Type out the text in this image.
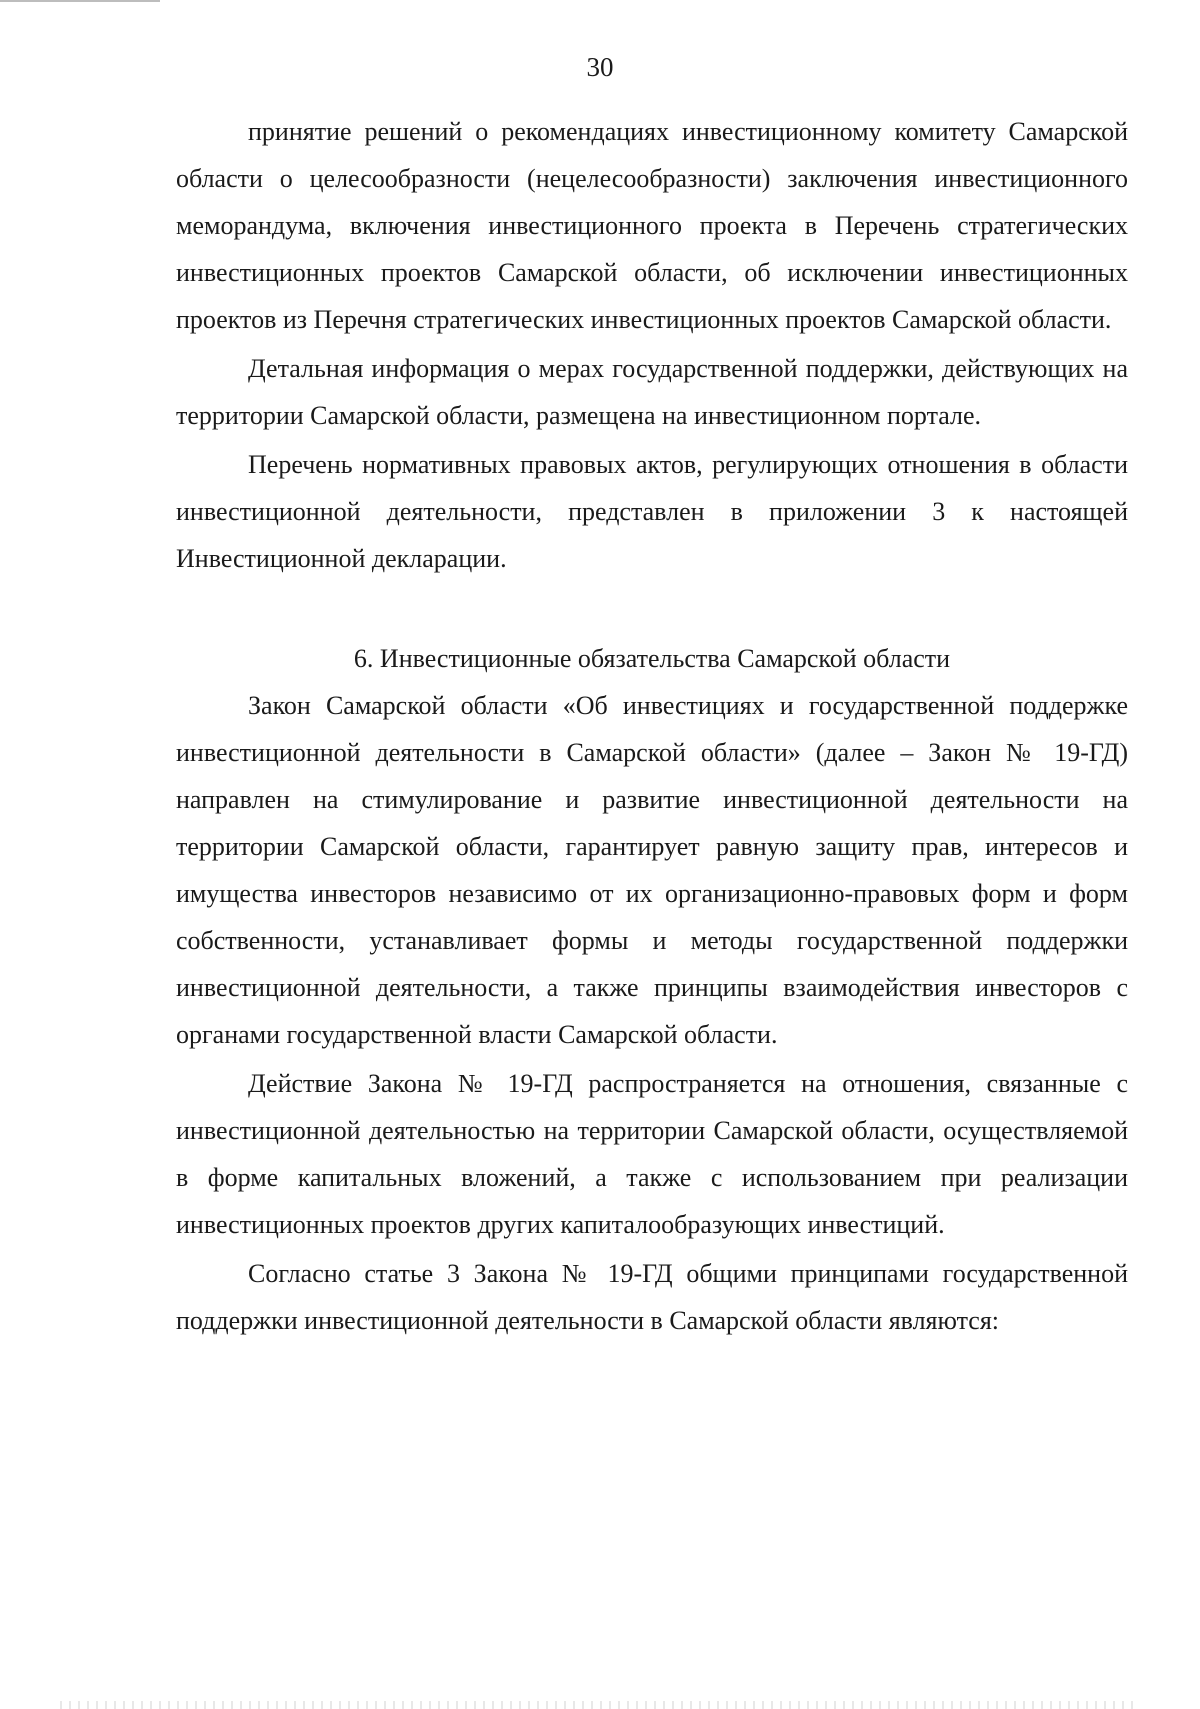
30

принятие решений о рекомендациях инвестиционному комитету Самарской области о целесообразности (нецелесообразности) заключения инвестиционного меморандума, включения инвестиционного проекта в Перечень стратегических инвестиционных проектов Самарской области, об исключении инвестиционных проектов из Перечня стратегических инвестиционных проектов Самарской области.

Детальная информация о мерах государственной поддержки, действующих на территории Самарской области, размещена на инвестиционном портале.

Перечень нормативных правовых актов, регулирующих отношения в области инвестиционной деятельности, представлен в приложении 3 к настоящей Инвестиционной декларации.

6. Инвестиционные обязательства Самарской области

Закон Самарской области «Об инвестициях и государственной поддержке инвестиционной деятельности в Самарской области» (далее – Закон № 19-ГД) направлен на стимулирование и развитие инвестиционной деятельности на территории Самарской области, гарантирует равную защиту прав, интересов и имущества инвесторов независимо от их организационно-правовых форм и форм собственности, устанавливает формы и методы государственной поддержки инвестиционной деятельности, а также принципы взаимодействия инвесторов с органами государственной власти Самарской области.

Действие Закона № 19-ГД распространяется на отношения, связанные с инвестиционной деятельностью на территории Самарской области, осуществляемой в форме капитальных вложений, а также с использованием при реализации инвестиционных проектов других капиталообразующих инвестиций.

Согласно статье 3 Закона № 19-ГД общими принципами государственной поддержки инвестиционной деятельности в Самарской области являются:
